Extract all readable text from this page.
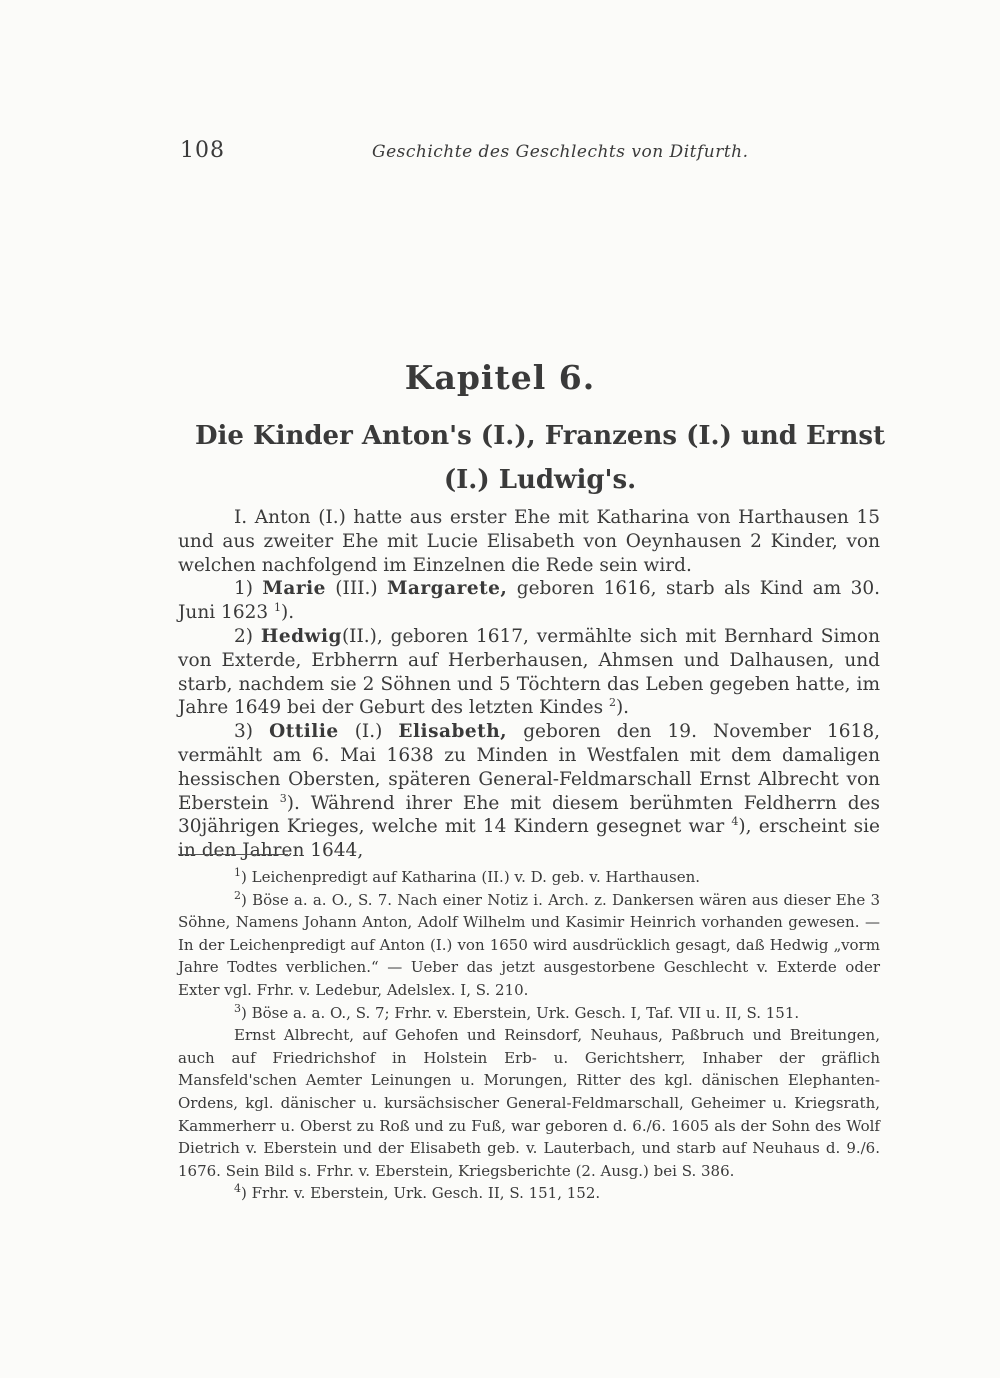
108	Geschichte des Geschlechts von Ditfurth.
Kapitel 6.
Die Kinder Anton's (I.), Franzens (I.) und Ernst (I.) Ludwig's.

I. Anton (I.) hatte aus erster Ehe mit Katharina von Harthausen 15 und aus zweiter Ehe mit Lucie Elisabeth von Oeynhausen 2 Kinder, von welchen nachfolgend im Einzelnen die Rede sein wird.

1) Marie (III.) Margarete, geboren 1616, starb als Kind am 30. Juni 1623 $^1$).

2) Hedwig(II.), geboren 1617, vermählte sich mit Bernhard Simon von Exterde, Erbherrn auf Herberhausen, Ahmsen und Dalhausen, und starb, nachdem sie 2 Söhnen und 5 Töchtern das Leben gegeben hatte, im Jahre 1649 bei der Geburt des letzten Kindes $^2$).

3) Ottilie (I.) Elisabeth, geboren den 19. November 1618, vermählt am 6. Mai 1638 zu Minden in Westfalen mit dem damaligen hessischen Obersten, späteren General-Feldmarschall Ernst Albrecht von Eberstein $^3$). Während ihrer Ehe mit diesem berühmten Feldherrn des 30jährigen Krieges, welche mit 14 Kindern gesegnet war $^4$), erscheint sie in den Jahren 1644,

$^1$) Leichenpredigt auf Katharina (II.) v. D. geb. v. Harthausen.

$^2$) Böse a. a. O., S. 7. Nach einer Notiz i. Arch. z. Dankersen wären aus dieser Ehe 3 Söhne, Namens Johann Anton, Adolf Wilhelm und Kasimir Heinrich vorhanden gewesen. — In der Leichenpredigt auf Anton (I.) von 1650 wird ausdrücklich gesagt, daß Hedwig „vorm Jahre Todtes verblichen.“ — Ueber das jetzt ausgestorbene Geschlecht v. Exterde oder Exter vgl. Frhr. v. Ledebur, Adelslex. I, S. 210.

$^3$) Böse a. a. O., S. 7; Frhr. v. Eberstein, Urk. Gesch. I, Taf. VII u. II, S. 151.

Ernst Albrecht, auf Gehofen und Reinsdorf, Neuhaus, Paßbruch und Breitungen, auch auf Friedrichshof in Holstein Erb- u. Gerichtsherr, Inhaber der gräflich Mansfeld'schen Aemter Leinungen u. Morungen, Ritter des kgl. dänischen Elephanten-Ordens, kgl. dänischer u. kursächsischer General-Feldmarschall, Geheimer u. Kriegsrath, Kammerherr u. Oberst zu Roß und zu Fuß, war geboren d. 6./6. 1605 als der Sohn des Wolf Dietrich v. Eberstein und der Elisabeth geb. v. Lauterbach, und starb auf Neuhaus d. 9./6. 1676. Sein Bild s. Frhr. v. Eberstein, Kriegsberichte (2. Ausg.) bei S. 386.

$^4$) Frhr. v. Eberstein, Urk. Gesch. II, S. 151, 152.
